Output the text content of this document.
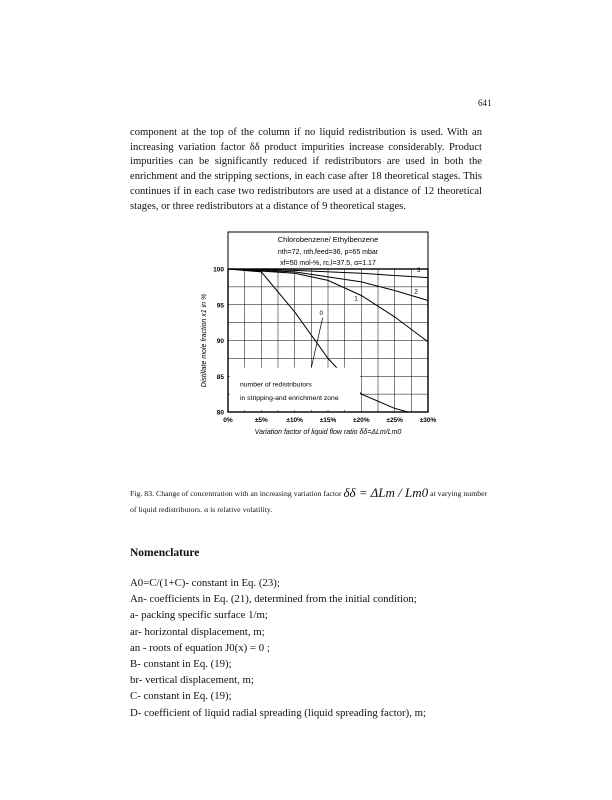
641
component at the top of the column if no liquid redistribution is used. With an increasing variation factor δδ product impurities increase considerably. Product impurities can be significantly reduced if redistributors are used in both the enrichment and the stripping sections, in each case after 18 theoretical stages. This continues if in each case two redistributors are used at a distance of 12 theoretical stages, or three redistributors at a distance of 9 theoretical stages.
Chlorobenzene/ Ethylbenzene
nth=72, nth,feed=36, p=65 mbar
xf=50 mol-%, rc,l=37.5, α=1.17
0%	±5%	±10%	±15%	±20%	±25%	±30%
80
85
90
95
100
0
1
2
3
number of redistributors
in stripping-and enrichment zone
Variation factor of liquid flow ratio δδ=ΔLm/Lm0
Distillate mole fraction x1 in %
Fig. 83. Change of concentration with an increasing variation factor δδ = ΔLm / Lm0 at varying number of liquid redistributors. α is relative volatility.
Nomenclature
A0=C/(1+C)- constant in Eq. (23);
An- coefficients in Eq. (21), determined from the initial condition;
a- packing specific surface 1/m;
ar- horizontal displacement, m;
an - roots of equation J0(x) = 0 ;
B- constant in Eq. (19);
br- vertical displacement, m;
C- constant in Eq. (19);
D- coefficient of liquid radial spreading (liquid spreading factor), m;
